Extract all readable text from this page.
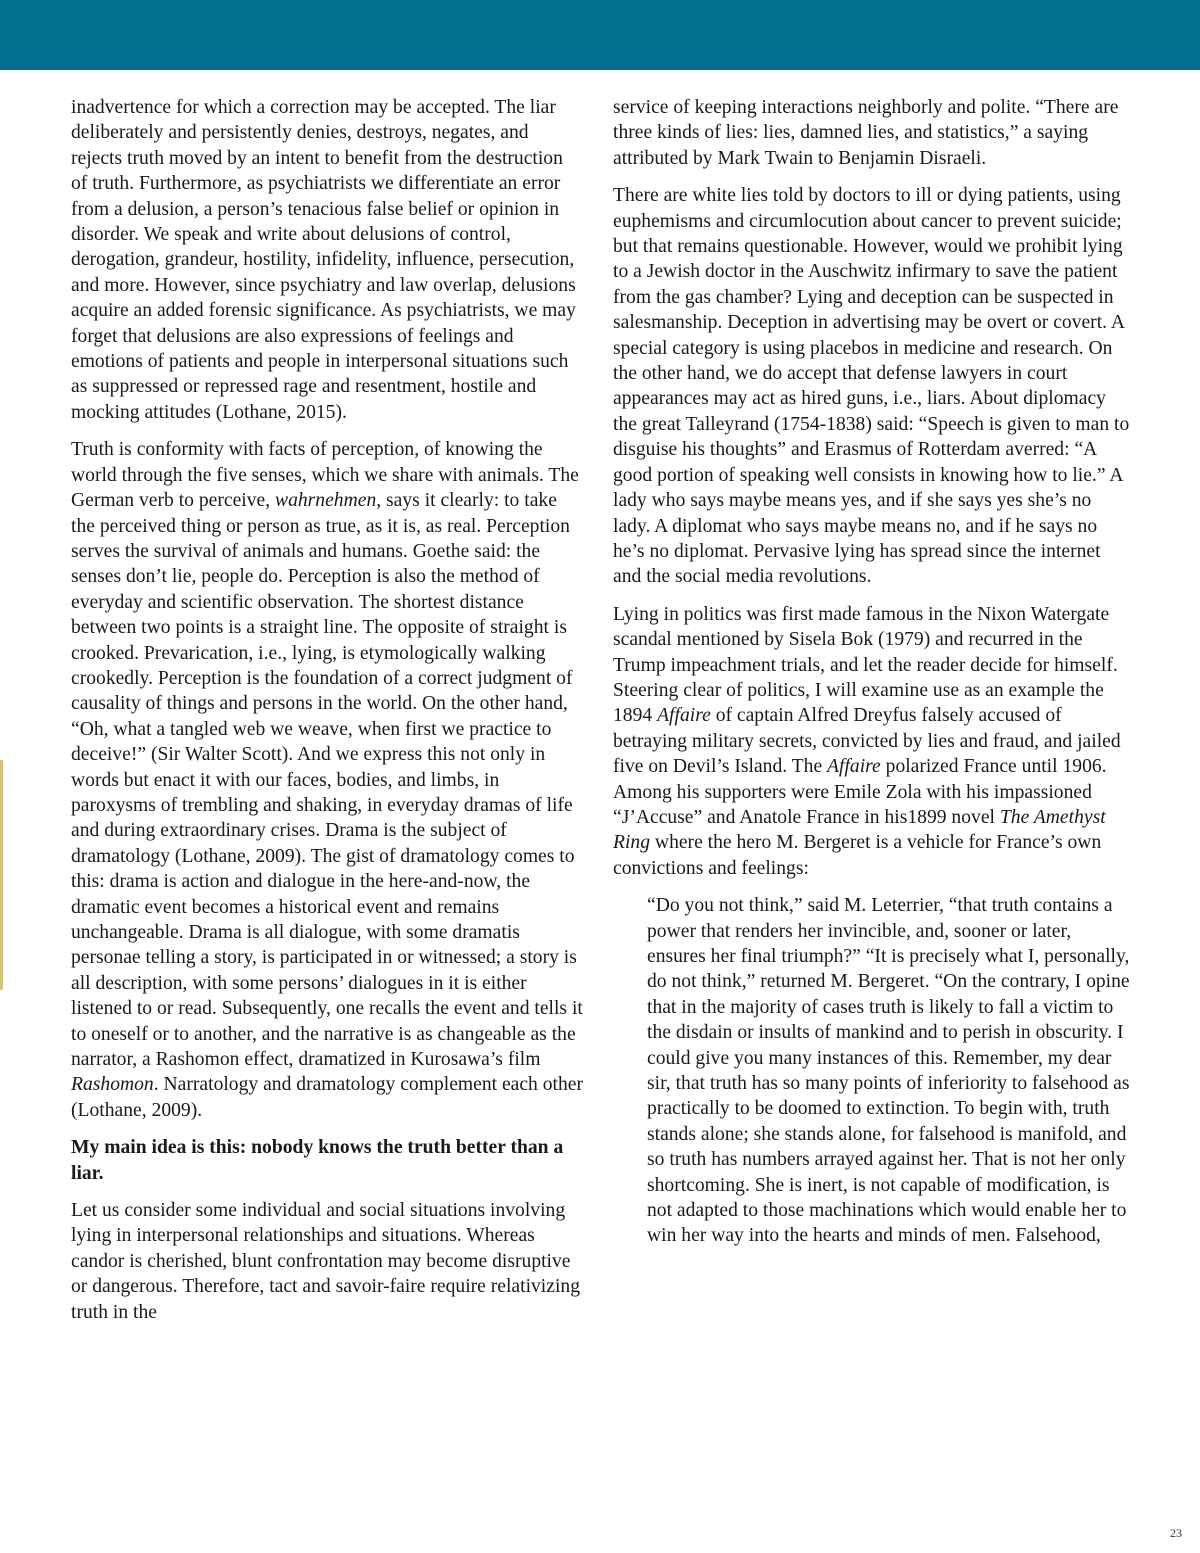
inadvertence for which a correction may be accepted. The liar deliberately and persistently denies, destroys, negates, and rejects truth moved by an intent to benefit from the destruction of truth. Furthermore, as psychiatrists we differentiate an error from a delusion, a person’s tenacious false belief or opinion in disorder. We speak and write about delusions of control, derogation, grandeur, hostility, infidelity, influence, persecution, and more. However, since psychiatry and law overlap, delusions acquire an added forensic significance. As psychiatrists, we may forget that delusions are also expressions of feelings and emotions of patients and people in interpersonal situations such as suppressed or repressed rage and resentment, hostile and mocking attitudes (Lothane, 2015).

Truth is conformity with facts of perception, of knowing the world through the five senses, which we share with animals. The German verb to perceive, wahrnehmen, says it clearly: to take the perceived thing or person as true, as it is, as real. Perception serves the survival of animals and humans. Goethe said: the senses don’t lie, people do. Perception is also the method of everyday and scientific observation. The shortest distance between two points is a straight line. The opposite of straight is crooked. Prevarication, i.e., lying, is etymologically walking crookedly. Perception is the foundation of a correct judgment of causality of things and persons in the world. On the other hand, “Oh, what a tangled web we weave, when first we practice to deceive!” (Sir Walter Scott). And we express this not only in words but enact it with our faces, bodies, and limbs, in paroxysms of trembling and shaking, in everyday dramas of life and during extraordinary crises. Drama is the subject of dramatology (Lothane, 2009). The gist of dramatology comes to this: drama is action and dialogue in the here-and-now, the dramatic event becomes a historical event and remains unchangeable. Drama is all dialogue, with some dramatis personae telling a story, is participated in or witnessed; a story is all description, with some persons’ dialogues in it is either listened to or read. Subsequently, one recalls the event and tells it to oneself or to another, and the narrative is as changeable as the narrator, a Rashomon effect, dramatized in Kurosawa’s film Rashomon. Narratology and dramatology complement each other (Lothane, 2009).

My main idea is this: nobody knows the truth better than a liar.

Let us consider some individual and social situations involving lying in interpersonal relationships and situations. Whereas candor is cherished, blunt confrontation may become disruptive or dangerous. Therefore, tact and savoir-faire require relativizing truth in the

service of keeping interactions neighborly and polite. “There are three kinds of lies: lies, damned lies, and statistics,” a saying attributed by Mark Twain to Benjamin Disraeli.

There are white lies told by doctors to ill or dying patients, using euphemisms and circumlocution about cancer to prevent suicide; but that remains questionable. However, would we prohibit lying to a Jewish doctor in the Auschwitz infirmary to save the patient from the gas chamber? Lying and deception can be suspected in salesmanship. Deception in advertising may be overt or covert. A special category is using placebos in medicine and research. On the other hand, we do accept that defense lawyers in court appearances may act as hired guns, i.e., liars. About diplomacy the great Talleyrand (1754-1838) said: “Speech is given to man to disguise his thoughts” and Erasmus of Rotterdam averred: “A good portion of speaking well consists in knowing how to lie.” A lady who says maybe means yes, and if she says yes she’s no lady. A diplomat who says maybe means no, and if he says no he’s no diplomat. Pervasive lying has spread since the internet and the social media revolutions.

Lying in politics was first made famous in the Nixon Watergate scandal mentioned by Sisela Bok (1979) and recurred in the Trump impeachment trials, and let the reader decide for himself. Steering clear of politics, I will examine use as an example the 1894 Affaire of captain Alfred Dreyfus falsely accused of betraying military secrets, convicted by lies and fraud, and jailed five on Devil’s Island. The Affaire polarized France until 1906. Among his supporters were Emile Zola with his impassioned “J’Accuse” and Anatole France in his1899 novel The Amethyst Ring where the hero M. Bergeret is a vehicle for France’s own convictions and feelings:

“Do you not think,” said M. Leterrier, “that truth contains a power that renders her invincible, and, sooner or later, ensures her final triumph?” “It is precisely what I, personally, do not think,” returned M. Bergeret. “On the contrary, I opine that in the majority of cases truth is likely to fall a victim to the disdain or insults of mankind and to perish in obscurity. I could give you many instances of this. Remember, my dear sir, that truth has so many points of inferiority to falsehood as practically to be doomed to extinction. To begin with, truth stands alone; she stands alone, for falsehood is manifold, and so truth has numbers arrayed against her. That is not her only shortcoming. She is inert, is not capable of modification, is not adapted to those machinations which would enable her to win her way into the hearts and minds of men. Falsehood,

23
